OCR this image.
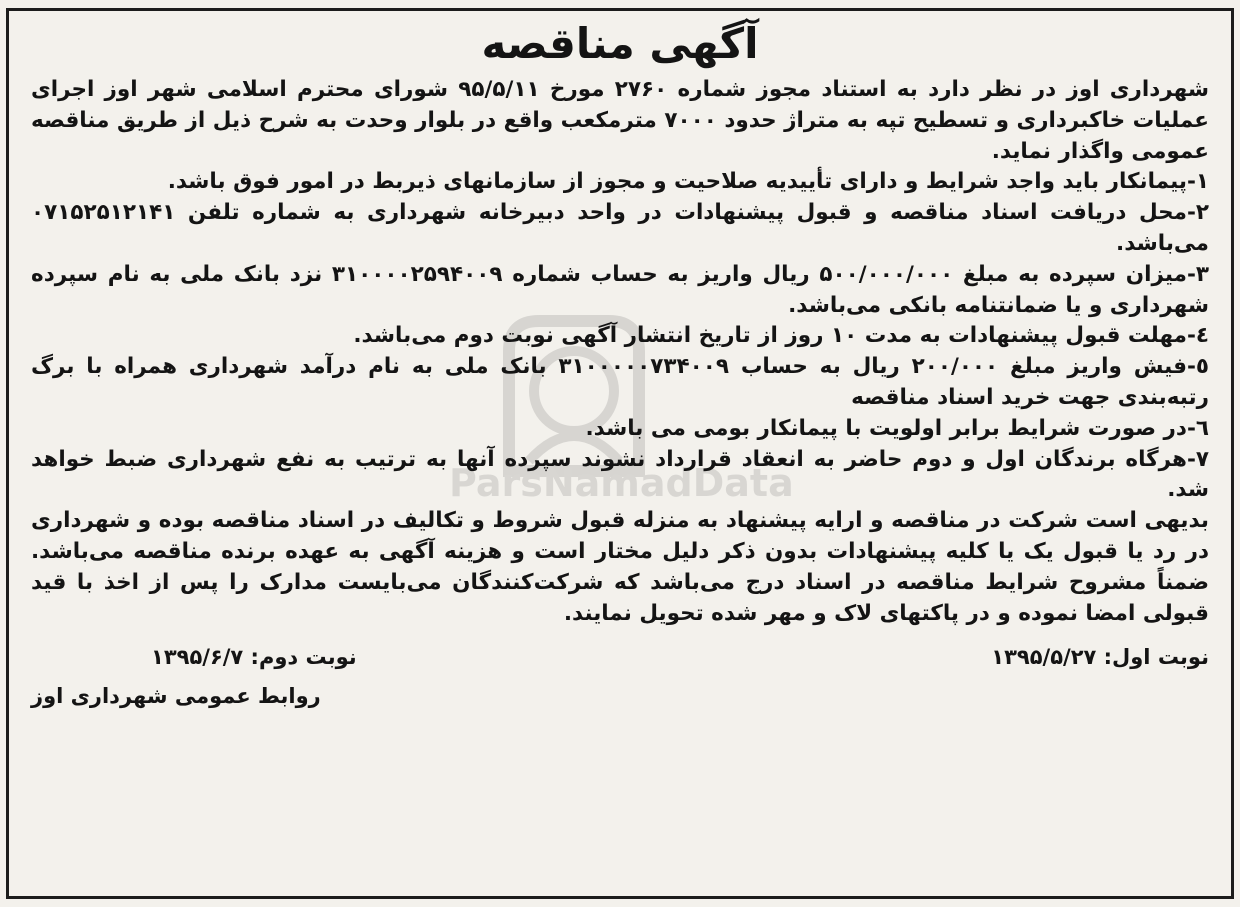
ParsNamadData
آگهی مناقصه

شهرداری اوز در نظر دارد به استناد مجوز شماره ۲۷۶۰ مورخ ۹۵/۵/۱۱ شورای محترم اسلامی شهر اوز اجرای عملیات خاکبرداری و تسطیح تپه به متراژ حدود ۷۰۰۰ مترمکعب واقع در بلوار وحدت به شرح ذیل از طریق مناقصه عمومی واگذار نماید.

۱-پیمانکار باید واجد شرایط و دارای تأییدیه صلاحیت و مجوز از سازمانهای ذیربط در امور فوق باشد.

۲-محل دریافت اسناد مناقصه و قبول پیشنهادات در واحد دبیرخانه شهرداری به شماره تلفن ۰۷۱۵۲۵۱۲۱۴۱ می‌باشد.

۳-میزان سپرده به مبلغ ۵۰۰/۰۰۰/۰۰۰ ریال واریز به حساب شماره ۳۱۰۰۰۰۲۵۹۴۰۰۹ نزد بانک ملی به نام سپرده شهرداری و یا ضمانتنامه بانکی می‌باشد.

٤-مهلت قبول پیشنهادات به مدت ۱۰ روز از تاریخ انتشار آگهی نوبت دوم می‌باشد.

٥-فیش واریز مبلغ ۲۰۰/۰۰۰ ریال به حساب ۳۱۰۰۰۰۰۷۳۴۰۰۹ بانک ملی به نام درآمد شهرداری همراه با برگ رتبه‌بندی جهت خرید اسناد مناقصه

٦-در صورت شرایط برابر اولویت با پیمانکار بومی می باشد.

۷-هرگاه برندگان اول و دوم حاضر به انعقاد قرارداد نشوند سپرده آنها به ترتیب به نفع شهرداری ضبط خواهد شد.

بدیهی است شرکت در مناقصه و ارایه پیشنهاد به منزله قبول شروط و تکالیف در اسناد مناقصه بوده و شهرداری در رد یا قبول یک یا کلیه پیشنهادات بدون ذکر دلیل مختار است و هزینه آگهی به عهده برنده مناقصه می‌باشد. ضمناً مشروح شرایط مناقصه در اسناد درج می‌باشد که شرکت‌کنندگان می‌بایست مدارک را پس از اخذ با قید قبولی امضا نموده و در پاکتهای لاک و مهر شده تحویل نمایند.

نوبت اول: ۱۳۹۵/۵/۲۷
نوبت دوم: ۱۳۹۵/۶/۷
روابط عمومی شهرداری اوز
